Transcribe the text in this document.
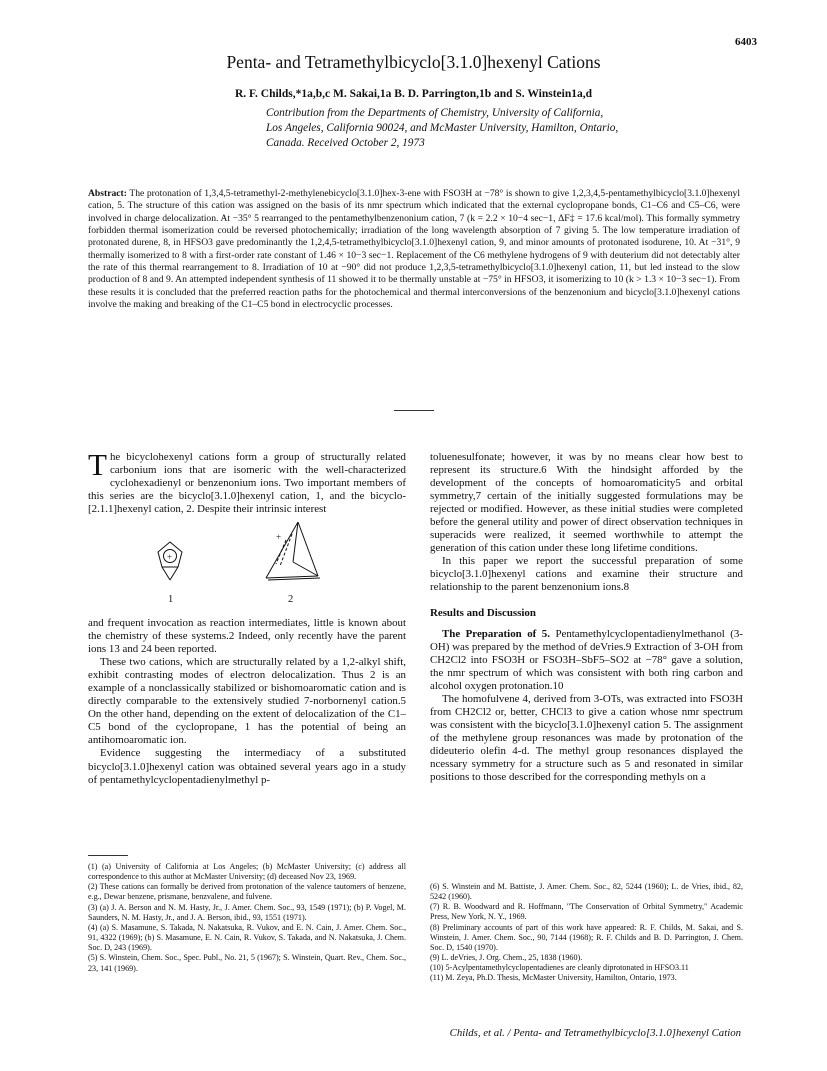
6403
Penta- and Tetramethylbicyclo[3.1.0]hexenyl Cations
R. F. Childs,*1a,b,c M. Sakai,1a B. D. Parrington,1b and S. Winstein1a,d
Contribution from the Departments of Chemistry, University of California,
Los Angeles, California 90024, and McMaster University, Hamilton, Ontario,
Canada. Received October 2, 1973
Abstract: The protonation of 1,3,4,5-tetramethyl-2-methylenebicyclo[3.1.0]hex-3-ene with FSO3H at −78° is shown to give 1,2,3,4,5-pentamethylbicyclo[3.1.0]hexenyl cation, 5. The structure of this cation was assigned on the basis of its nmr spectrum which indicated that the external cyclopropane bonds, C1–C6 and C5–C6, were involved in charge delocalization. At −35° 5 rearranged to the pentamethylbenzenonium cation, 7 (k = 2.2 × 10−4 sec−1, ΔF‡ = 17.6 kcal/mol). This formally symmetry forbidden thermal isomerization could be reversed photochemically; irradiation of the long wavelength absorption of 7 giving 5. The low temperature irradiation of protonated durene, 8, in HFSO3 gave predominantly the 1,2,4,5-tetramethylbicyclo[3.1.0]hexenyl cation, 9, and minor amounts of protonated isodurene, 10. At −31°, 9 thermally isomerized to 8 with a first-order rate constant of 1.46 × 10−3 sec−1. Replacement of the C6 methylene hydrogens of 9 with deuterium did not detectably alter the rate of this thermal rearrangement to 8. Irradiation of 10 at −90° did not produce 1,2,3,5-tetramethylbicyclo[3.1.0]hexenyl cation, 11, but led instead to the slow production of 8 and 9. An attempted independent synthesis of 11 showed it to be thermally unstable at −75° in HFSO3, it isomerizing to 10 (k > 1.3 × 10−3 sec−1). From these results it is concluded that the preferred reaction paths for the photochemical and thermal interconversions of the benzenonium and bicyclo[3.1.0]hexenyl cations involve the making and breaking of the C1–C5 bond in electrocyclic processes.

The bicyclohexenyl cations form a group of structurally related carbonium ions that are isomeric with the well-characterized cyclohexadienyl or benzenonium ions. Two important members of this series are the bicyclo[3.1.0]hexenyl cation, 1, and the bicyclo-[2.1.1]hexenyl cation, 2. Despite their intrinsic interest

+
+
1	2

and frequent invocation as reaction intermediates, little is known about the chemistry of these systems.2 Indeed, only recently have the parent ions 13 and 24 been reported.

These two cations, which are structurally related by a 1,2-alkyl shift, exhibit contrasting modes of electron delocalization. Thus 2 is an example of a nonclassically stabilized or bishomoaromatic cation and is directly comparable to the extensively studied 7-norbornenyl cation.5 On the other hand, depending on the extent of delocalization of the C1–C5 bond of the cyclopropane, 1 has the potential of being an antihomoaromatic ion.

Evidence suggesting the intermediacy of a substituted bicyclo[3.1.0]hexenyl cation was obtained several years ago in a study of pentamethylcyclopentadienylmethyl p-

toluenesulfonate; however, it was by no means clear how best to represent its structure.6 With the hindsight afforded by the development of the concepts of homoaromaticity5 and orbital symmetry,7 certain of the initially suggested formulations may be rejected or modified. However, as these initial studies were completed before the general utility and power of direct observation techniques in superacids were realized, it seemed worthwhile to attempt the generation of this cation under these long lifetime conditions.

In this paper we report the successful preparation of some bicyclo[3.1.0]hexenyl cations and examine their structure and relationship to the parent benzenonium ions.8

Results and Discussion

The Preparation of 5. Pentamethylcyclopentadienylmethanol (3-OH) was prepared by the method of deVries.9 Extraction of 3-OH from CH2Cl2 into FSO3H or FSO3H–SbF5–SO2 at −78° gave a solution, the nmr spectrum of which was consistent with both ring carbon and alcohol oxygen protonation.10

The homofulvene 4, derived from 3-OTs, was extracted into FSO3H from CH2Cl2 or, better, CHCl3 to give a cation whose nmr spectrum was consistent with the bicyclo[3.1.0]hexenyl cation 5. The assignment of the methylene group resonances was made by protonation of the dideuterio olefin 4-d. The methyl group resonances displayed the ncessary symmetry for a structure such as 5 and resonated in similar positions to those described for the corresponding methyls on a

(1) (a) University of California at Los Angeles; (b) McMaster University; (c) address all correspondence to this author at McMaster University; (d) deceased Nov 23, 1969.
(2) These cations can formally be derived from protonation of the valence tautomers of benzene, e.g., Dewar benzene, prismane, benzvalene, and fulvene.
(3) (a) J. A. Berson and N. M. Hasty, Jr., J. Amer. Chem. Soc., 93, 1549 (1971); (b) P. Vogel, M. Saunders, N. M. Hasty, Jr., and J. A. Berson, ibid., 93, 1551 (1971).
(4) (a) S. Masamune, S. Takada, N. Nakatsuka, R. Vukov, and E. N. Cain, J. Amer. Chem. Soc., 91, 4322 (1969); (b) S. Masamune, E. N. Cain, R. Vukov, S. Takada, and N. Nakatsuka, J. Chem. Soc. D, 243 (1969).
(5) S. Winstein, Chem. Soc., Spec. Publ., No. 21, 5 (1967); S. Winstein, Quart. Rev., Chem. Soc., 23, 141 (1969).
(6) S. Winstein and M. Battiste, J. Amer. Chem. Soc., 82, 5244 (1960); L. de Vries, ibid., 82, 5242 (1960).
(7) R. B. Woodward and R. Hoffmann, "The Conservation of Orbital Symmetry," Academic Press, New York, N. Y., 1969.
(8) Preliminary accounts of part of this work have appeared: R. F. Childs, M. Sakai, and S. Winstein, J. Amer. Chem. Soc., 90, 7144 (1968); R. F. Childs and B. D. Parrington, J. Chem. Soc. D, 1540 (1970).
(9) L. deVries, J. Org. Chem., 25, 1838 (1960).
(10) 5-Acylpentamethylcyclopentadienes are cleanly diprotonated in HFSO3.11
(11) M. Zeya, Ph.D. Thesis, McMaster University, Hamilton, Ontario, 1973.
Childs, et al. / Penta- and Tetramethylbicyclo[3.1.0]hexenyl Cation
